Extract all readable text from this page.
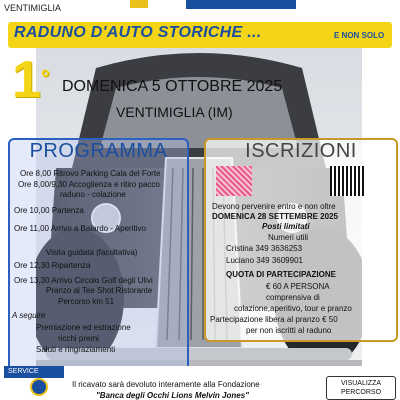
VENTIMIGLIA
RADUNO D'AUTO STORICHE ...	E NON SOLO
1° DOMENICA 5 OTTOBRE 2025
VENTIMIGLIA (IM)
PROGRAMMA
Ore 8,00 Ritrovo Parking Cala del Forte
Ore 8,00/9,30 Accoglienza e ritiro pacco
raduno - colazione
Ore 10,00 Partenza
Ore 11,00 Arrivo a Baiardo - Aperitivo
Visita guidata (facoltativa)
Ore 12,30 Ripartenza
Ore 13,30 Arrivo Circolo Golf degli Ulivi
Pranzo al Tee Shot Ristorante
Percorso km 51
A seguire
Premiazione ed estrazione
ricchi premi
Saluti e ringraziamenti
ISCRIZIONI
Devono pervenire entro e non oltre
DOMENICA 28 SETTEMBRE 2025
Posti limitati
Numeri utili
Cristina 349 3636253
Luciano 349 3609901
QUOTA DI PARTECIPAZIONE
€ 60 A PERSONA
comprensiva di
colazione,aperitivo, tour e pranzo
Partecipazione libera al pranzo € 50
per non iscritti al raduno
SERVICE
Il ricavato sarà devoluto interamente alla Fondazione
"Banca degli Occhi Lions Melvin Jones"
VISUALIZZA
PERCORSO
